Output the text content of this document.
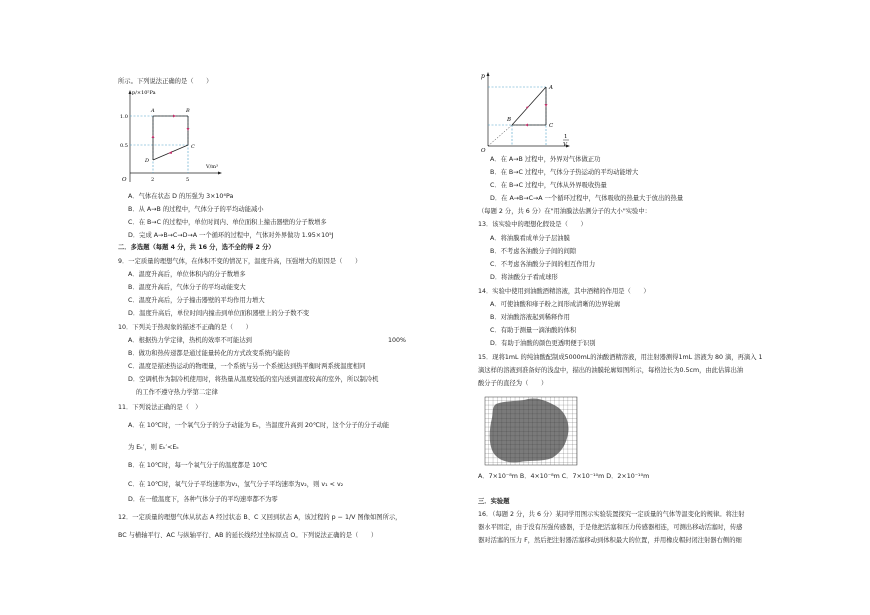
所示。下列说法正确的是（　　）
p/×10⁵Pa
V/m³
O
1.0
0.5
2	5
A	B
C
D
A．气体在状态 D 的压强为 3×10⁴Pa
B．从 A→B 的过程中，气体分子的平均动能减小
C．在 B→C 的过程中，单位时间内、单位面积上撞击器壁的分子数增多
D．完成 A→B→C→D→A 一个循环的过程中，气体对外界做功 1.95×10⁵J
二．多选题（每题 4 分，共 16 分，选不全的得 2 分）
9．一定质量的理想气体，在体积不变的情况下，温度升高，压强增大的原因是（　　）
A．温度升高后，单位体积内的分子数增多
B．温度升高后，气体分子的平均动能变大
C．温度升高后，分子撞击器壁的平均作用力增大
D．温度升高后，单位时间内撞击到单位面积器壁上的分子数不变
10．下列关于热现象的描述不正确的是（　　）
A．根据热力学定律，热机的效率不可能达到	100%
B．做功和热传递都是通过能量转化的方式改变系统内能的
C．温度是描述热运动的物理量，一个系统与另一个系统达到热平衡时两系统温度相同
D．空调机作为制冷机使用时，将热量从温度较低的室内送到温度较高的室外，所以制冷机
的工作不遵守热力学第二定律
11．下列说法正确的是（　）
A．在 10℃时，一个氧气分子的分子动能为 Eₖ，当温度升高到 20℃时，这个分子的分子动能
为 Eₖ′，则 Eₖ′<Eₖ
B．在 10℃时，每一个氧气分子的温度都是 10℃
C．在 10℃时，氧气分子平均速率为v₁，氢气分子平均速率为v₂，则 v₁ < v₂
D．在一般温度下，各种气体分子的平均速率都不为零
12．一定质量的理想气体从状态 A 经过状态 B、C 又回到状态 A，该过程的 p − 1/V 图像如图所示，
BC 与横轴平行、AC 与纵轴平行、AB 的延长线经过坐标原点 O。下列说法正确的是（　　）
p
1
V
O
A
B
C
A．在 A→B 过程中，外界对气体做正功
B．在 B→C 过程中，气体分子热运动的平均动能增大
C．在 B→C 过程中，气体从外界吸收热量
D．在 A→B→C→A 一个循环过程中，气体吸收的热量大于放出的热量
（每题 2 分，共 6 分）在"用油膜法估测分子的大小"实验中：
13．该实验中的理想化假设是（　　）
A．将油膜看成单分子层油膜
B．不考虑各油酸分子间的间隙
C．不考虑各油酸分子间的相互作用力
D．将油酸分子看成球形
14．实验中使用到油酸酒精溶液，其中酒精的作用是（　　）
A．可使油酸和痱子粉之间形成清晰的边界轮廓
B．对油酸溶液起到稀释作用
C．有助于测量一滴油酸的体积
D．有助于油酸的颜色更透明便于识别
15．现将1mL 的纯油酸配制成5000mL的油酸酒精溶液，用注射器测得1mL 溶液为 80 滴，再滴入 1
滴这样的溶液到准备好的浅盘中，描出的油膜轮廓如图所示，每格边长为0.5cm，由此估算出油
酸分子的直径为（　　）
A．7×10⁻⁸m B．4×10⁻⁸m C．7×10⁻¹⁰m D．2×10⁻¹⁰m
三．实验题
16．（每题 2 分，共 6 分）某同学用图示实验装置探究一定质量的气体等温变化的规律。将注射
器水平固定，由于没有压强传感器，于是他把活塞和压力传感器相连，可测出移动活塞时，传感
器对活塞的压力 F，然后把注射器活塞移动到体积最大的位置，并用橡皮帽封闭注射器右侧的细
